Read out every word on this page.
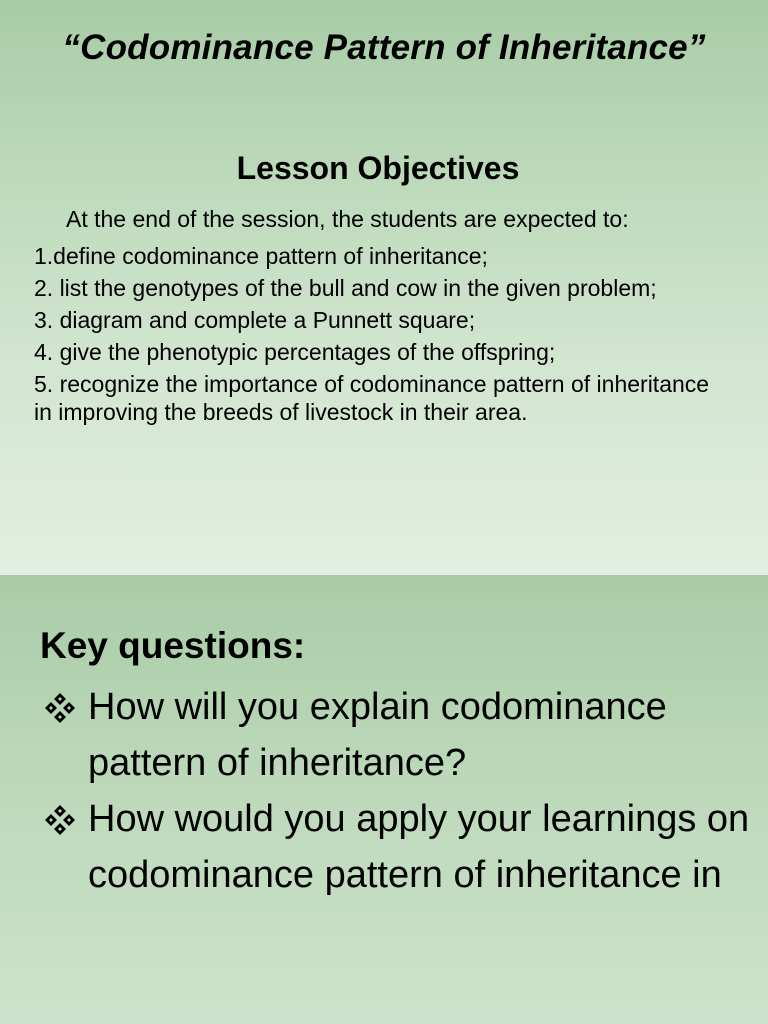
“Codominance Pattern of Inheritance”
Lesson Objectives
At the end of the session, the students are expected to:
1.define codominance pattern of inheritance;
2. list the genotypes of the bull and cow in the given problem;
3. diagram and complete a Punnett square;
4. give the phenotypic percentages of the offspring;
5. recognize the importance of codominance pattern of inheritance in improving the breeds of livestock in their area.
Key questions:
How will you explain codominance pattern of inheritance?
How would you apply your learnings on codominance pattern of inheritance in
